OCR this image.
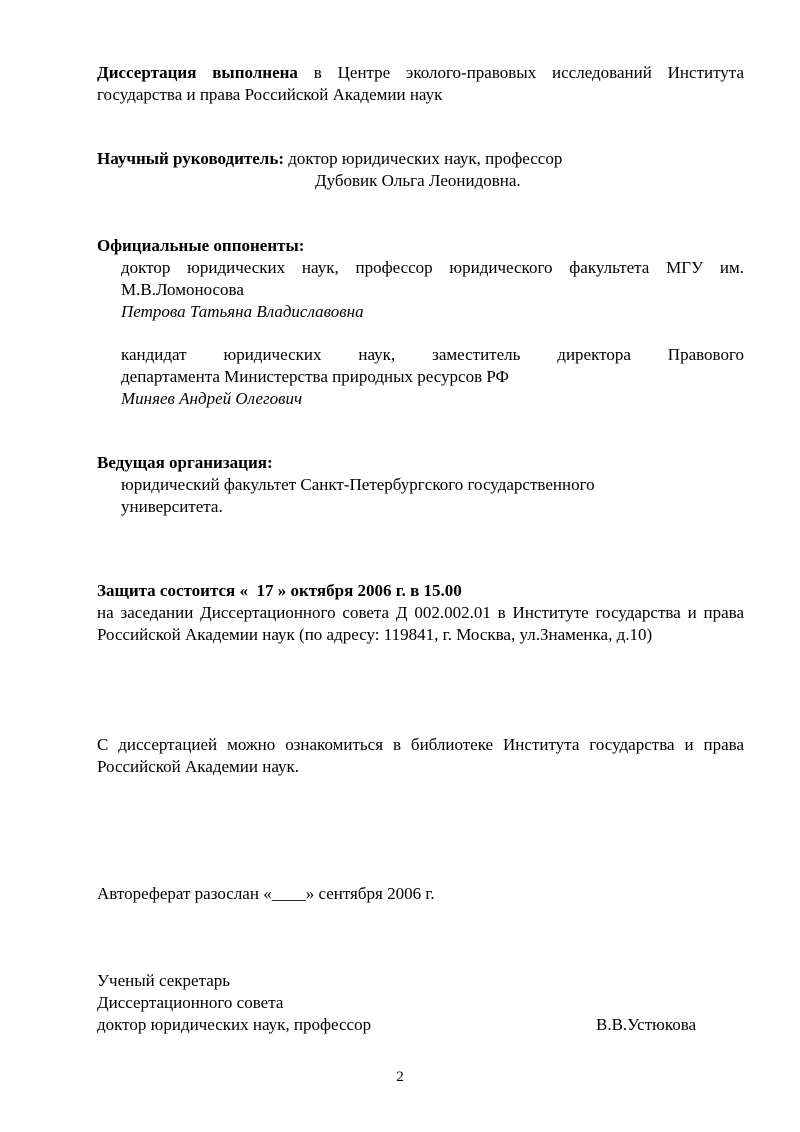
Диссертация выполнена в Центре эколого-правовых исследований Института государства и права Российской Академии наук

Научный руководитель: доктор юридических наук, профессор

Дубовик Ольга Леонидовна.

Официальные оппоненты:

доктор юридических наук, профессор юридического факультета МГУ им.

М.В.Ломоносова

Петрова Татьяна Владиславовна

кандидат юридических наук, заместитель директора Правового

департамента Министерства природных ресурсов РФ

Миняев Андрей Олегович

Ведущая организация:

юридический факультет Санкт-Петербургского государственного

университета.

Защита состоится «  17 » октября 2006 г. в 15.00

на заседании Диссертационного совета Д 002.002.01 в Институте государства и права Российской Академии наук (по адресу: 119841, г. Москва, ул.Знаменка, д.10)

С диссертацией можно ознакомиться в библиотеке Института государства и права Российской Академии наук.
Автореферат разослан «____» сентября 2006 г.

Ученый секретарь

Диссертационного совета

доктор юридических наук, профессор	В.В.Устюкова
2
